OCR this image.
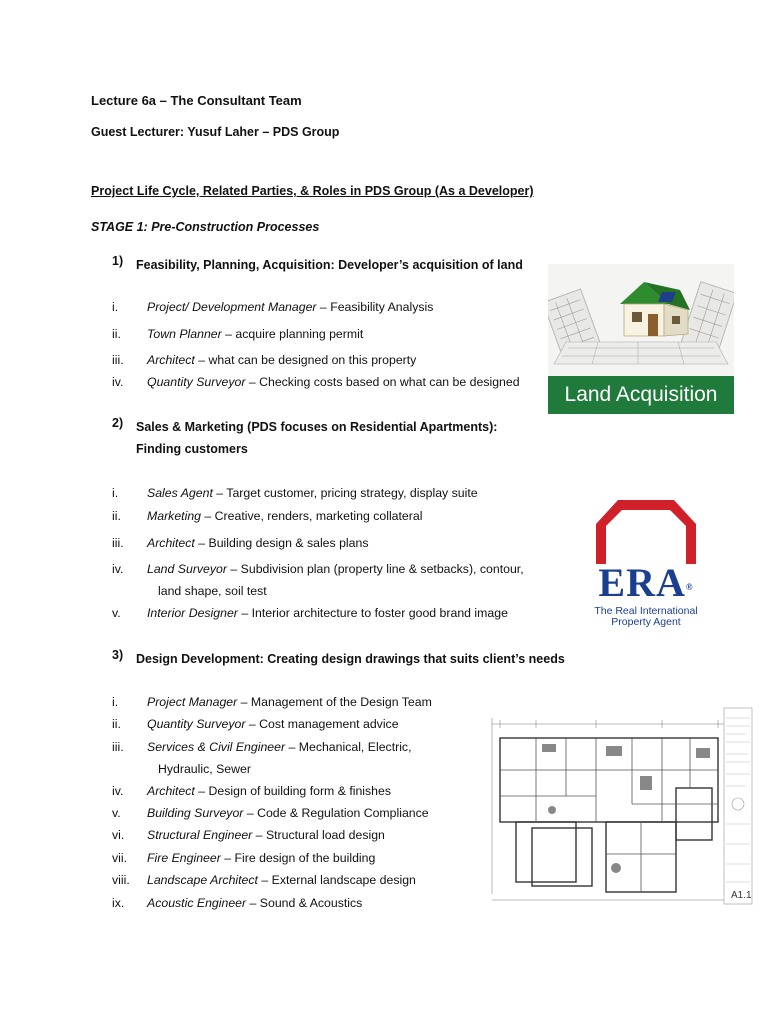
Lecture 6a – The Consultant Team
Guest Lecturer: Yusuf Laher – PDS Group
Project Life Cycle, Related Parties, & Roles in PDS Group (As a Developer)
STAGE 1: Pre-Construction Processes
1) Feasibility, Planning, Acquisition: Developer’s acquisition of land
i.	Project/ Development Manager – Feasibility Analysis
ii.	Town Planner – acquire planning permit
iii.	Architect – what can be designed on this property
iv.	Quantity Surveyor – Checking costs based on what can be designed
2) Sales & Marketing (PDS focuses on Residential Apartments): Finding customers
i.	Sales Agent – Target customer, pricing strategy, display suite
ii.	Marketing – Creative, renders, marketing collateral
iii.	Architect – Building design & sales plans
iv.	Land Surveyor – Subdivision plan (property line & setbacks), contour,
land shape, soil test
v.	Interior Designer – Interior architecture to foster good brand image
3) Design Development: Creating design drawings that suits client’s needs
i.	Project Manager – Management of the Design Team
ii.	Quantity Surveyor – Cost management advice
iii.	Services & Civil Engineer – Mechanical, Electric,
Hydraulic, Sewer
iv.	Architect – Design of building form & finishes
v.	Building Surveyor – Code & Regulation Compliance
vi.	Structural Engineer – Structural load design
vii.	Fire Engineer – Fire design of the building
viii.	Landscape Architect – External landscape design
ix.	Acoustic Engineer – Sound & Acoustics
Land Acquisition
ERA®
The Real International
Property Agent
A1.1
